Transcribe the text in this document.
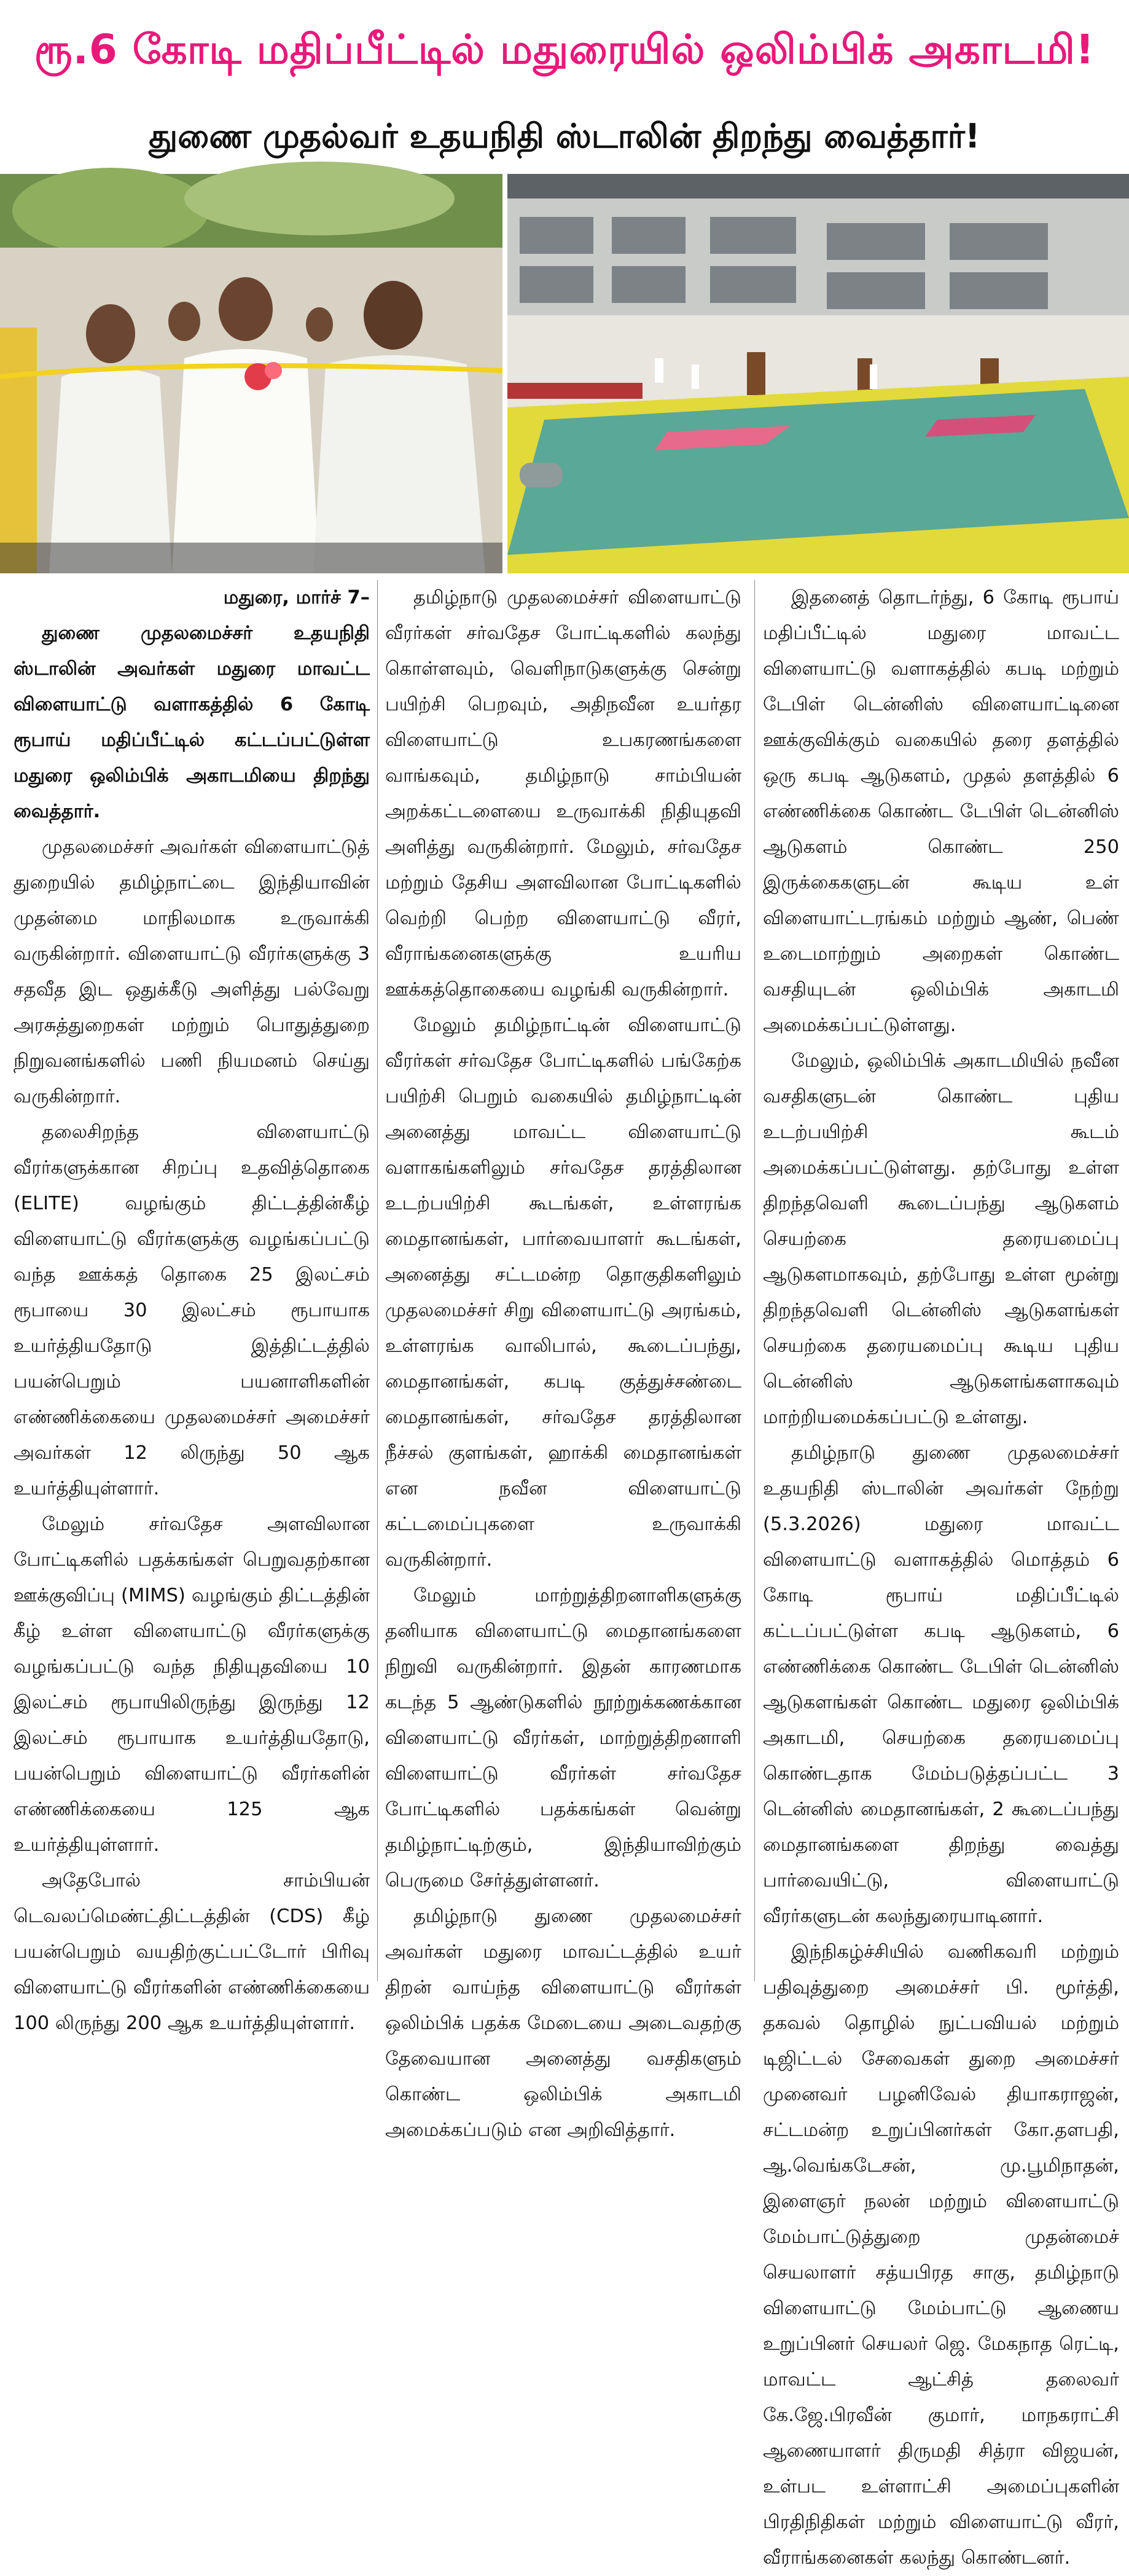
ரூ.6 கோடி மதிப்பீட்டில் மதுரையில் ஒலிம்பிக் அகாடமி!
துணை முதல்வர் உதயநிதி ஸ்டாலின் திறந்து வைத்தார்!

மதுரை, மார்ச் 7–

துணை முதலமைச்சர் உதயநிதி ஸ்டாலின் அவர்கள் மதுரை மாவட்ட விளையாட்டு வளாகத்தில் 6 கோடி ரூபாய் மதிப்பீட்டில் கட்டப்பட்டுள்ள மதுரை ஒலிம்பிக் அகாடமியை திறந்து வைத்தார்.

முதலமைச்சர் அவர்கள் விளையாட்டுத் துறையில் தமிழ்நாட்டை இந்தியாவின் முதன்மை மாநிலமாக உருவாக்கி வருகின்றார். விளையாட்டு வீரர்களுக்கு 3 சதவீத இட ஒதுக்கீடு அளித்து பல்வேறு அரசுத்துறைகள் மற்றும் பொதுத்துறை நிறுவனங்களில் பணி நியமனம் செய்து வருகின்றார்.

தலைசிறந்த விளையாட்டு வீரர்களுக்கான சிறப்பு உதவித்தொகை (ELITE) வழங்கும் திட்டத்தின்கீழ் விளையாட்டு வீரர்களுக்கு வழங்கப்பட்டு வந்த ஊக்கத் தொகை 25 இலட்சம் ரூபாயை 30 இலட்சம் ரூபாயாக உயர்த்தியதோடு இத்திட்டத்தில் பயன்பெறும் பயனாளிகளின் எண்ணிக்கையை முதலமைச்சர் அமைச்சர் அவர்கள் 12 லிருந்து 50 ஆக உயர்த்தியுள்ளார்.

மேலும் சர்வதேச அளவிலான போட்டிகளில் பதக்கங்கள் பெறுவதற்கான ஊக்குவிப்பு (MIMS) வழங்கும் திட்டத்தின் கீழ் உள்ள விளையாட்டு வீரர்களுக்கு வழங்கப்பட்டு வந்த நிதியுதவியை 10 இலட்சம் ரூபாயிலிருந்து இருந்து 12 இலட்சம் ரூபாயாக உயர்த்தியதோடு, பயன்பெறும் விளையாட்டு வீரர்களின் எண்ணிக்கையை 125 ஆக உயர்த்தியுள்ளார்.

அதேபோல் சாம்பியன் டெவலப்மெண்ட்திட்டத்தின் (CDS) கீழ் பயன்பெறும் வயதிற்குட்பட்டோர் பிரிவு விளையாட்டு வீரர்களின் எண்ணிக்கையை 100 லிருந்து 200 ஆக உயர்த்தியுள்ளார்.

தமிழ்நாடு முதலமைச்சர் விளையாட்டு வீரர்கள் சர்வதேச போட்டிகளில் கலந்து கொள்ளவும், வெளிநாடுகளுக்கு சென்று பயிற்சி பெறவும், அதிநவீன உயர்தர விளையாட்டு உபகரணங்களை வாங்கவும், தமிழ்நாடு சாம்பியன் அறக்கட்டளையை உருவாக்கி நிதியுதவி அளித்து வருகின்றார். மேலும், சர்வதேச மற்றும் தேசிய அளவிலான போட்டிகளில் வெற்றி பெற்ற விளையாட்டு வீரர், வீராங்கனைகளுக்கு உயரிய ஊக்கத்தொகையை வழங்கி வருகின்றார்.

மேலும் தமிழ்நாட்டின் விளையாட்டு வீரர்கள் சர்வதேச போட்டிகளில் பங்கேற்க பயிற்சி பெறும் வகையில் தமிழ்நாட்டின் அனைத்து மாவட்ட விளையாட்டு வளாகங்களிலும் சர்வதேச தரத்திலான உடற்பயிற்சி கூடங்கள், உள்ளரங்க மைதானங்கள், பார்வையாளர் கூடங்கள், அனைத்து சட்டமன்ற தொகுதிகளிலும் முதலமைச்சர் சிறு விளையாட்டு அரங்கம், உள்ளரங்க வாலிபால், கூடைப்பந்து, மைதானங்கள், கபடி குத்துச்சண்டை மைதானங்கள், சர்வதேச தரத்திலான நீச்சல் குளங்கள், ஹாக்கி மைதானங்கள் என நவீன விளையாட்டு கட்டமைப்புகளை உருவாக்கி வருகின்றார்.

மேலும் மாற்றுத்திறனாளிகளுக்கு தனியாக விளையாட்டு மைதானங்களை நிறுவி வருகின்றார். இதன் காரணமாக கடந்த 5 ஆண்டுகளில் நூற்றுக்கணக்கான விளையாட்டு வீரர்கள், மாற்றுத்திறனாளி விளையாட்டு வீரர்கள் சர்வதேச போட்டிகளில் பதக்கங்கள் வென்று தமிழ்நாட்டிற்கும், இந்தியாவிற்கும் பெருமை சேர்த்துள்ளனர்.

தமிழ்நாடு துணை முதலமைச்சர் அவர்கள் மதுரை மாவட்டத்தில் உயர் திறன் வாய்ந்த விளையாட்டு வீரர்கள் ஒலிம்பிக் பதக்க மேடையை அடைவதற்கு தேவையான அனைத்து வசதிகளும் கொண்ட ஒலிம்பிக் அகாடமி அமைக்கப்படும் என அறிவித்தார்.

இதனைத் தொடர்ந்து, 6 கோடி ரூபாய் மதிப்பீட்டில் மதுரை மாவட்ட விளையாட்டு வளாகத்தில் கபடி மற்றும் டேபிள் டென்னிஸ் விளையாட்டினை ஊக்குவிக்கும் வகையில் தரை தளத்தில் ஒரு கபடி ஆடுகளம், முதல் தளத்தில் 6 எண்ணிக்கை கொண்ட டேபிள் டென்னிஸ் ஆடுகளம் கொண்ட 250 இருக்கைகளுடன் கூடிய உள் விளையாட்டரங்கம் மற்றும் ஆண், பெண் உடைமாற்றும் அறைகள் கொண்ட வசதியுடன் ஒலிம்பிக் அகாடமி அமைக்கப்பட்டுள்ளது.

மேலும், ஒலிம்பிக் அகாடமியில் நவீன வசதிகளுடன் கொண்ட புதிய உடற்பயிற்சி கூடம் அமைக்கப்பட்டுள்ளது. தற்போது உள்ள திறந்தவெளி கூடைப்பந்து ஆடுகளம் செயற்கை தரையமைப்பு ஆடுகளமாகவும், தற்போது உள்ள மூன்று திறந்தவெளி டென்னிஸ் ஆடுகளங்கள் செயற்கை தரையமைப்பு கூடிய புதிய டென்னிஸ் ஆடுகளங்களாகவும் மாற்றியமைக்கப்பட்டு உள்ளது.

தமிழ்நாடு துணை முதலமைச்சர் உதயநிதி ஸ்டாலின் அவர்கள் நேற்று (5.3.2026) மதுரை மாவட்ட விளையாட்டு வளாகத்தில் மொத்தம் 6 கோடி ரூபாய் மதிப்பீட்டில் கட்டப்பட்டுள்ள கபடி ஆடுகளம், 6 எண்ணிக்கை கொண்ட டேபிள் டென்னிஸ் ஆடுகளங்கள் கொண்ட மதுரை ஒலிம்பிக் அகாடமி, செயற்கை தரையமைப்பு கொண்டதாக மேம்படுத்தப்பட்ட 3 டென்னிஸ் மைதானங்கள், 2 கூடைப்பந்து மைதானங்களை திறந்து வைத்து பார்வையிட்டு, விளையாட்டு வீரர்களுடன் கலந்துரையாடினார்.

இந்நிகழ்ச்சியில் வணிகவரி மற்றும் பதிவுத்துறை அமைச்சர் பி. மூர்த்தி, தகவல் தொழில் நுட்பவியல் மற்றும் டிஜிட்டல் சேவைகள் துறை அமைச்சர் முனைவர் பழனிவேல் தியாகராஜன், சட்டமன்ற உறுப்பினர்கள் கோ.தளபதி, ஆ.வெங்கடேசன், மு.பூமிநாதன், இளைஞர் நலன் மற்றும் விளையாட்டு மேம்பாட்டுத்துறை முதன்மைச் செயலாளர் சத்யபிரத சாகு, தமிழ்நாடு விளையாட்டு மேம்பாட்டு ஆணைய உறுப்பினர் செயலர் ஜெ. மேகநாத ரெட்டி, மாவட்ட ஆட்சித் தலைவர் கே.ஜே.பிரவீன் குமார், மாநகராட்சி ஆணையாளர் திருமதி சித்ரா விஜயன், உள்பட உள்ளாட்சி அமைப்புகளின் பிரதிநிதிகள் மற்றும் விளையாட்டு வீரர், வீராங்கனைகள் கலந்து கொண்டனர்.
